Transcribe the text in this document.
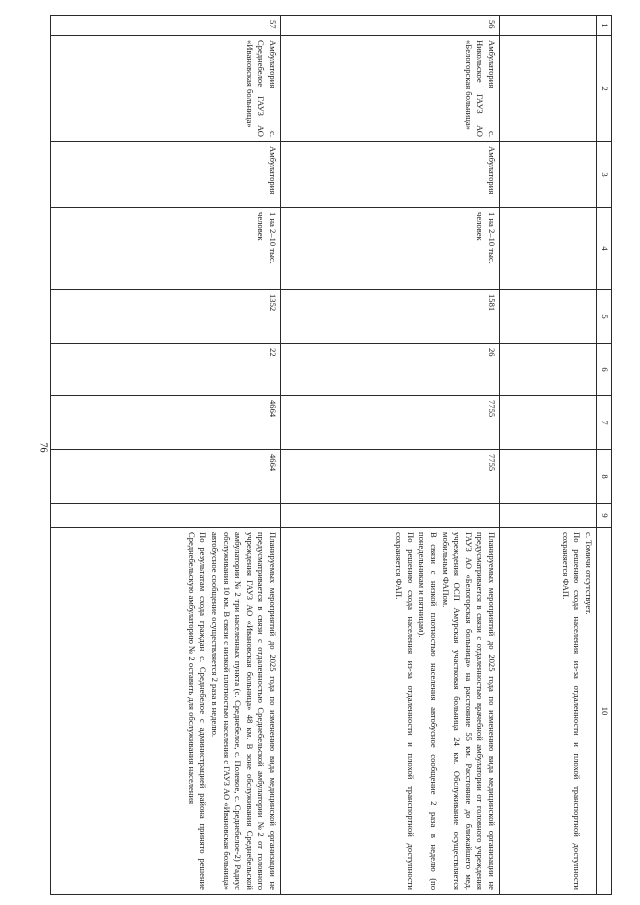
76
1	2	3	4	5	6	7	8	9	10

									с. Томичи отсутствует.
По решению схода населения из-за отдаленности и плохой транспортной доступности сохраняется ФАП.

56	Амбулатория с. Никольское ГАУЗ АО «Белогорская больница»	Амбулатория	1 на 2–10 тыс. человек	1581	26	7755	7755		Планируемых мероприятий до 2025 года по изменению вида медицинской организации не предусматривается в связи с отдаленностью врачебной амбулатории от головного учреждения ГАУЗ АО «Белогорская больница» на расстояние 55 км. Расстояние до ближайшего мед. учреждения ОСП Амурская участковая больница 24 км. Обслуживание осуществляется мобильным ФАПом.
В связи с низкой плотностью населения автобусное сообщение 2 раза в неделю (по понедельникам и пятницам).
По решению схода населения из-за отдаленности и плохой транспортной доступности сохраняется ФАП.

57	Амбулатория с. Среднебелое ГАУЗ АО «Ивановская больница»	Амбулатория	1 на 2–10 тыс. человек	1352	22	4664	4664		Планируемых мероприятий до 2025 года по изменению вида медицинской организации не предусматривается в связи с отдаленностью Среднебельской амбулатории №2 от головного учреждения ГАУЗ АО «Ивановская больница» 48 км. В зоне обслуживания Среднебельской амбулатории № 2 три населенных пункта (с. Среднебелое, с. Полевое, с. Среднебелое-2) Радиус обслуживания 10 км. В связи с низкой плотностью населения с ГАУЗ АО «Ивановская больница» автобусное сообщение осуществляется 2 раза в неделю.
По результатам схода граждан с. Среднебелое с администрацией района принято решение Среднебельскую амбулаторию № 2 оставить для обслуживания населения
